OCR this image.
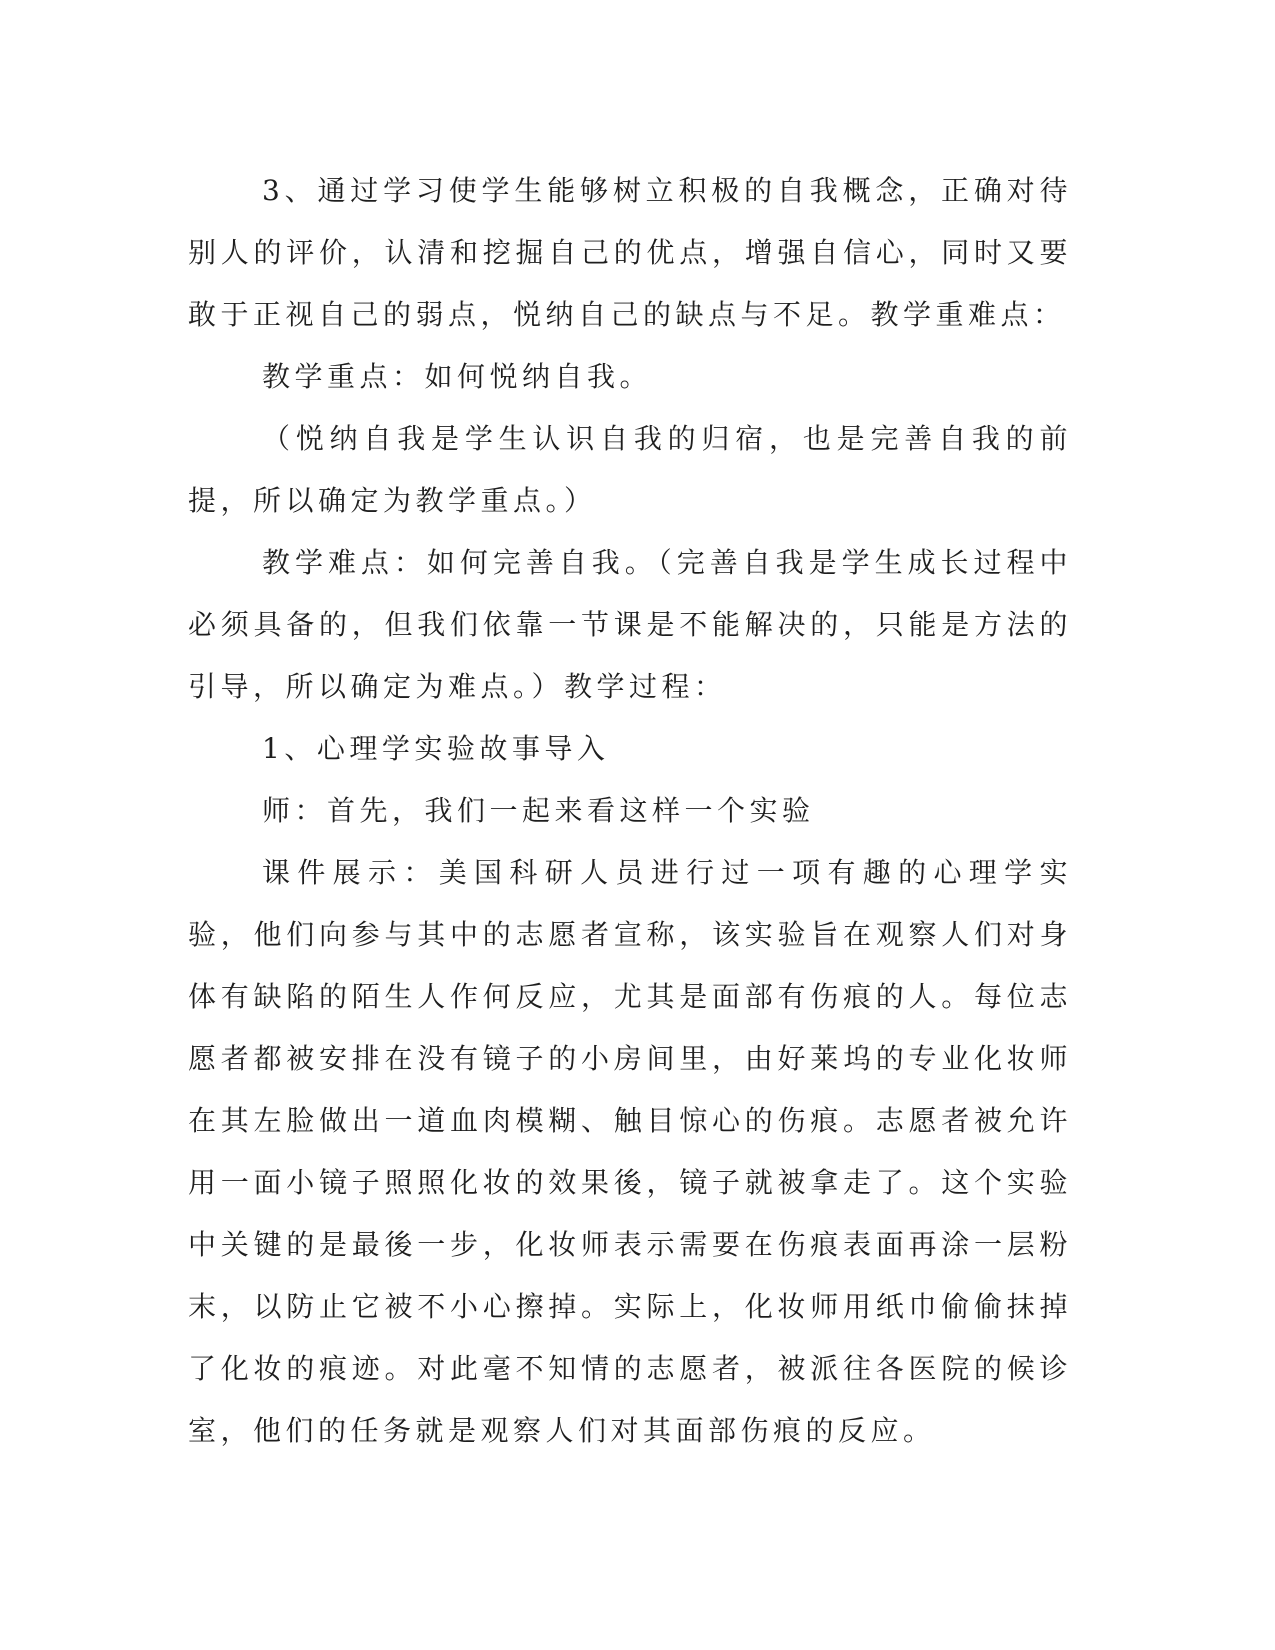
3、通过学习使学生能够树立积极的自我概念，正确对待别人的评价，认清和挖掘自己的优点，增强自信心，同时又要敢于正视自己的弱点，悦纳自己的缺点与不足。教学重难点：

教学重点：如何悦纳自我。

（悦纳自我是学生认识自我的归宿，也是完善自我的前提，所以确定为教学重点。）

教学难点：如何完善自我。（完善自我是学生成长过程中必须具备的，但我们依靠一节课是不能解决的，只能是方法的引导，所以确定为难点。）教学过程：

1、心理学实验故事导入

师：首先，我们一起来看这样一个实验

课件展示：美国科研人员进行过一项有趣的心理学实验，他们向参与其中的志愿者宣称，该实验旨在观察人们对身体有缺陷的陌生人作何反应，尤其是面部有伤痕的人。每位志愿者都被安排在没有镜子的小房间里，由好莱坞的专业化妆师在其左脸做出一道血肉模糊、触目惊心的伤痕。志愿者被允许用一面小镜子照照化妆的效果後，镜子就被拿走了。这个实验中关键的是最後一步，化妆师表示需要在伤痕表面再涂一层粉末，以防止它被不小心擦掉。实际上，化妆师用纸巾偷偷抹掉了化妆的痕迹。对此毫不知情的志愿者，被派往各医院的候诊室，他们的任务就是观察人们对其面部伤痕的反应。
